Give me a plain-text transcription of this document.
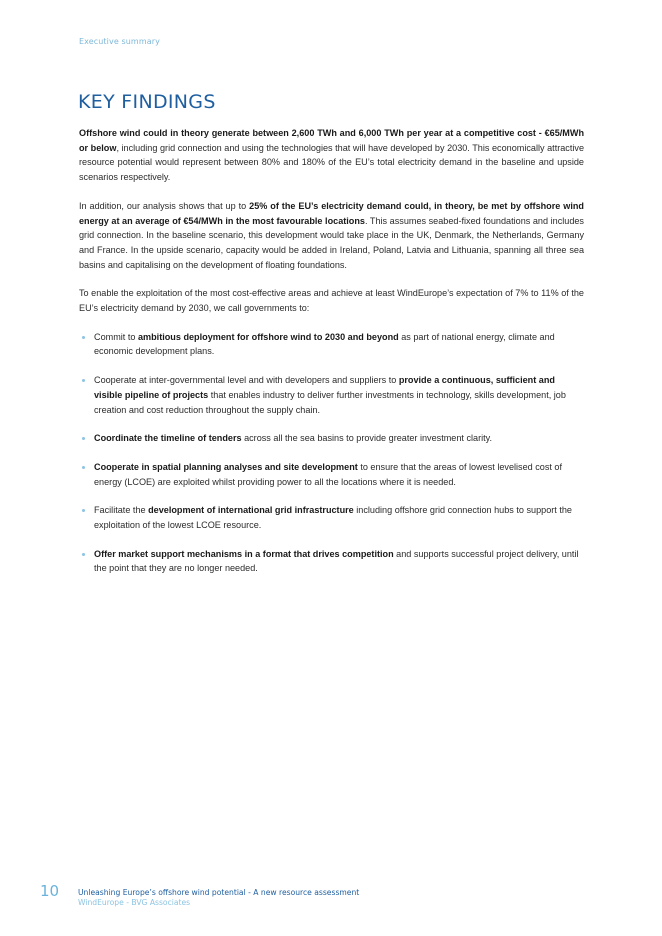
Executive summary
KEY FINDINGS

Offshore wind could in theory generate between 2,600 TWh and 6,000 TWh per year at a competitive cost - €65/MWh or below, including grid connection and using the technologies that will have developed by 2030. This economically attractive resource potential would represent between 80% and 180% of the EU’s total electricity demand in the baseline and upside scenarios respectively.

In addition, our analysis shows that up to 25% of the EU’s electricity demand could, in theory, be met by offshore wind energy at an average of €54/MWh in the most favourable locations. This assumes seabed-fixed foundations and includes grid connection. In the baseline scenario, this development would take place in the UK, Denmark, the Netherlands, Germany and France. In the upside scenario, capacity would be added in Ireland, Poland, Latvia and Lithuania, spanning all three sea basins and capitalising on the development of floating foundations.

To enable the exploitation of the most cost-effective areas and achieve at least WindEurope’s expectation of 7% to 11% of the EU’s electricity demand by 2030, we call governments to:

Commit to ambitious deployment for offshore wind to 2030 and beyond as part of national energy, climate and economic development plans.
Cooperate at inter-governmental level and with developers and suppliers to provide a continuous, sufficient and visible pipeline of projects that enables industry to deliver further investments in technology, skills development, job creation and cost reduction throughout the supply chain.
Coordinate the timeline of tenders across all the sea basins to provide greater investment clarity.
Cooperate in spatial planning analyses and site development to ensure that the areas of lowest levelised cost of energy (LCOE) are exploited whilst providing power to all the locations where it is needed.
Facilitate the development of international grid infrastructure including offshore grid connection hubs to support the exploitation of the lowest LCOE resource.
Offer market support mechanisms in a format that drives competition and supports successful project delivery, until the point that they are no longer needed.
10 Unleashing Europe’s offshore wind potential - A new resource assessment
WindEurope - BVG Associates
